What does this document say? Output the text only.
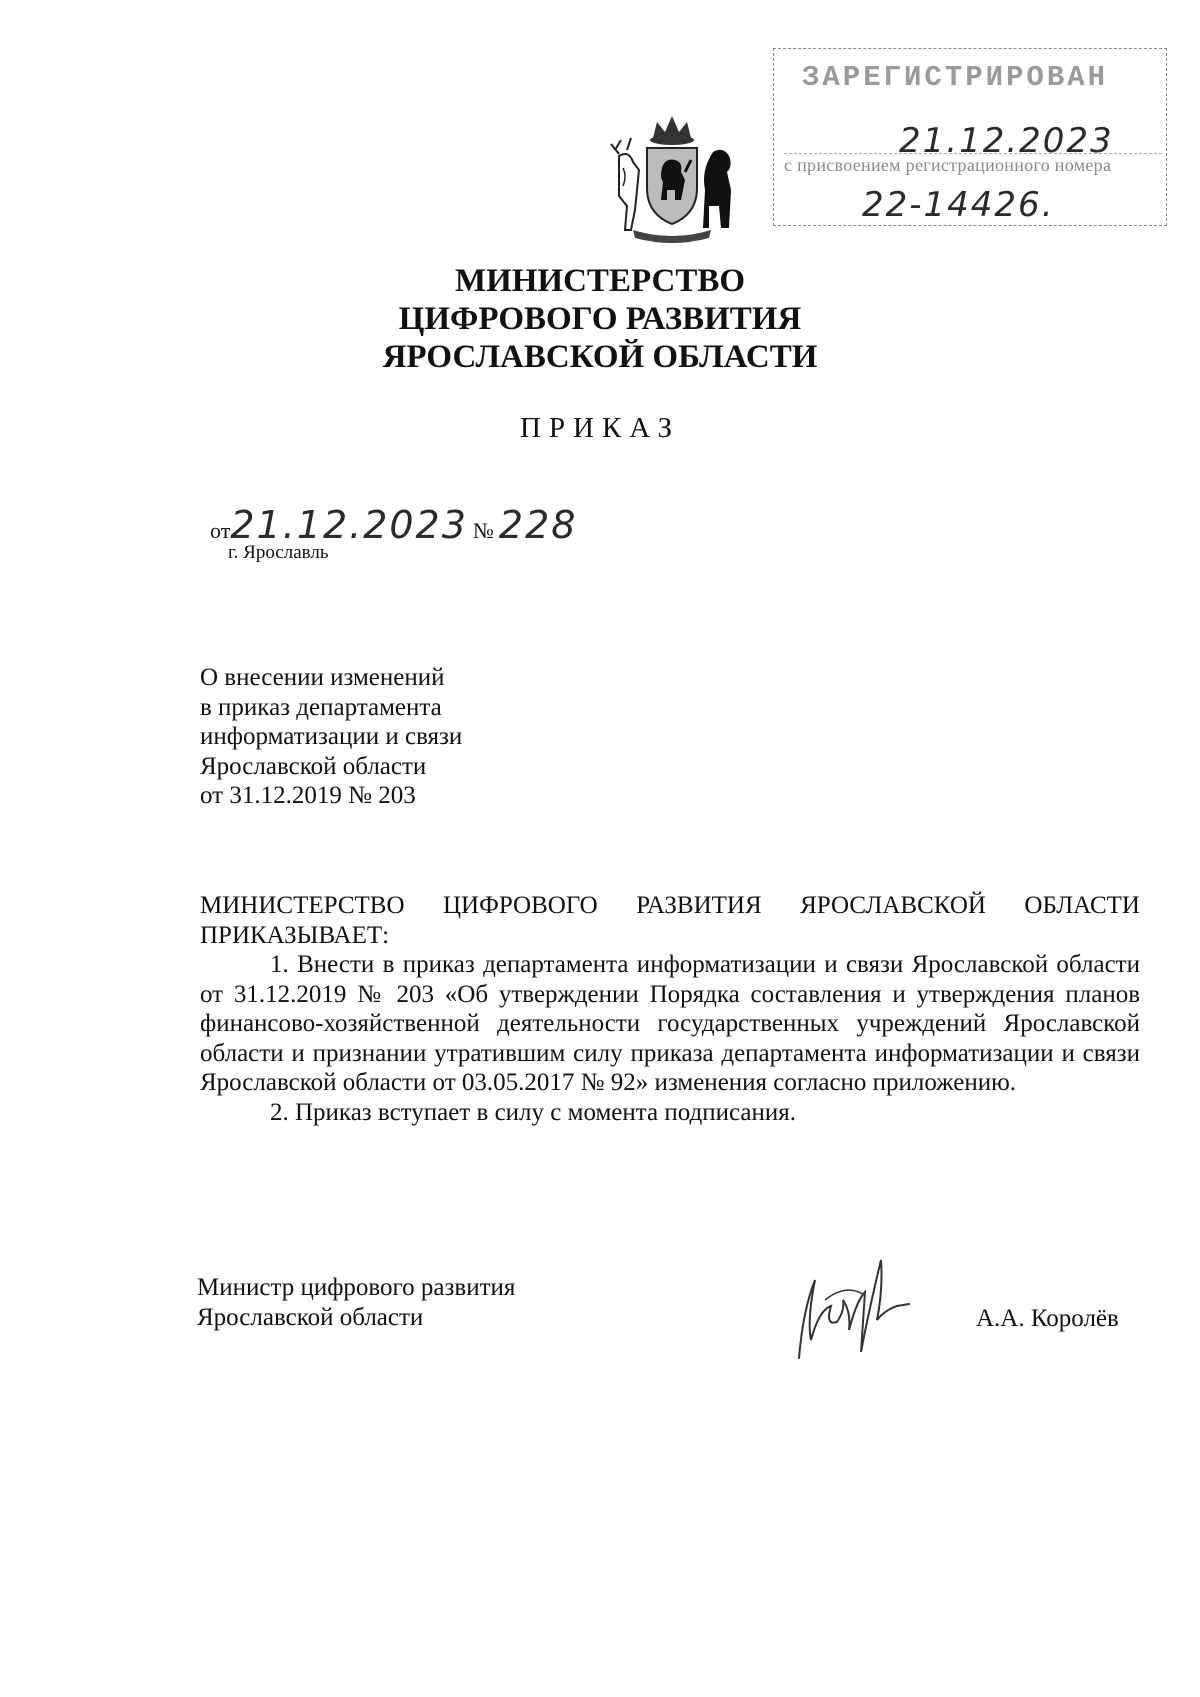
ЗАРЕГИСТРИРОВАН
21.12.2023
с присвоением регистрационного номера
22-14426.
МИНИСТЕРСТВО
ЦИФРОВОГО РАЗВИТИЯ
ЯРОСЛАВСКОЙ ОБЛАСТИ
ПРИКАЗ
от21.12.2023 № 228
г. Ярославль
О внесении изменений
в приказ департамента
информатизации и связи
Ярославской области
от 31.12.2019 № 203
МИНИСТЕРСТВО ЦИФРОВОГО РАЗВИТИЯ ЯРОСЛАВСКОЙ ОБЛАСТИ ПРИКАЗЫВАЕТ:

1. Внести в приказ департамента информатизации и связи Ярославской области от 31.12.2019 № 203 «Об утверждении Порядка составления и утверждения планов финансово-хозяйственной деятельности государственных учреждений Ярославской области и признании утратившим силу приказа департамента информатизации и связи Ярославской области от 03.05.2017 № 92» изменения согласно приложению.

2. Приказ вступает в силу с момента подписания.

Министр цифрового развития
Ярославской области	А.А. Королёв
